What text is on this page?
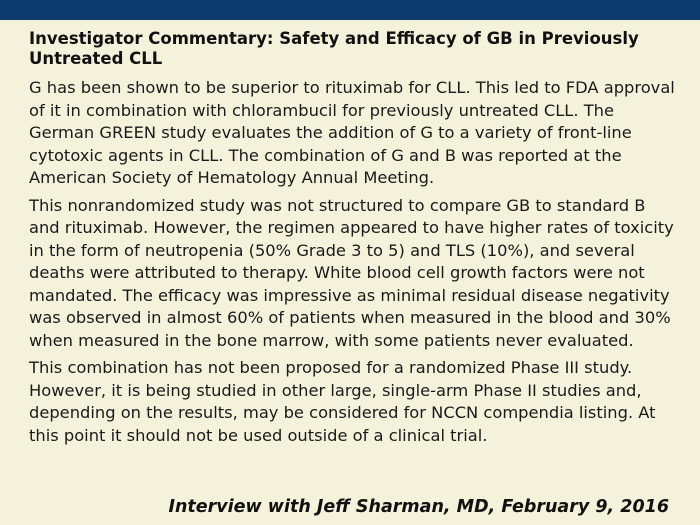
Investigator Commentary: Safety and Efficacy of GB in Previously Untreated CLL

G has been shown to be superior to rituximab for CLL. This led to FDA approval of it in combination with chlorambucil for previously untreated CLL. The German GREEN study evaluates the addition of G to a variety of front-line cytotoxic agents in CLL. The combination of G and B was reported at the American Society of Hematology Annual Meeting.

This nonrandomized study was not structured to compare GB to standard B and rituximab. However, the regimen appeared to have higher rates of toxicity in the form of neutropenia (50% Grade 3 to 5) and TLS (10%), and several deaths were attributed to therapy. White blood cell growth factors were not mandated. The efficacy was impressive as minimal residual disease negativity was observed in almost 60% of patients when measured in the blood and 30% when measured in the bone marrow, with some patients never evaluated.

This combination has not been proposed for a randomized Phase III study. However, it is being studied in other large, single-arm Phase II studies and, depending on the results, may be considered for NCCN compendia listing. At this point it should not be used outside of a clinical trial.

Interview with Jeff Sharman, MD, February 9, 2016
